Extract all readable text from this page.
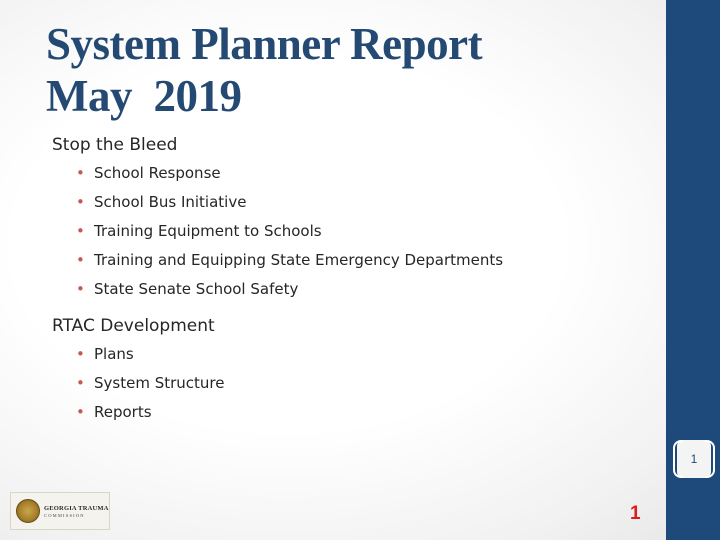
System Planner Report
May  2019
Stop the Bleed
• School Response
• School Bus Initiative
• Training Equipment to Schools
• Training and Equipping State Emergency Departments
• State Senate School Safety
RTAC Development
• Plans
• System Structure
• Reports
1
GEORGIA TRAUMA
COMMISSION	1
